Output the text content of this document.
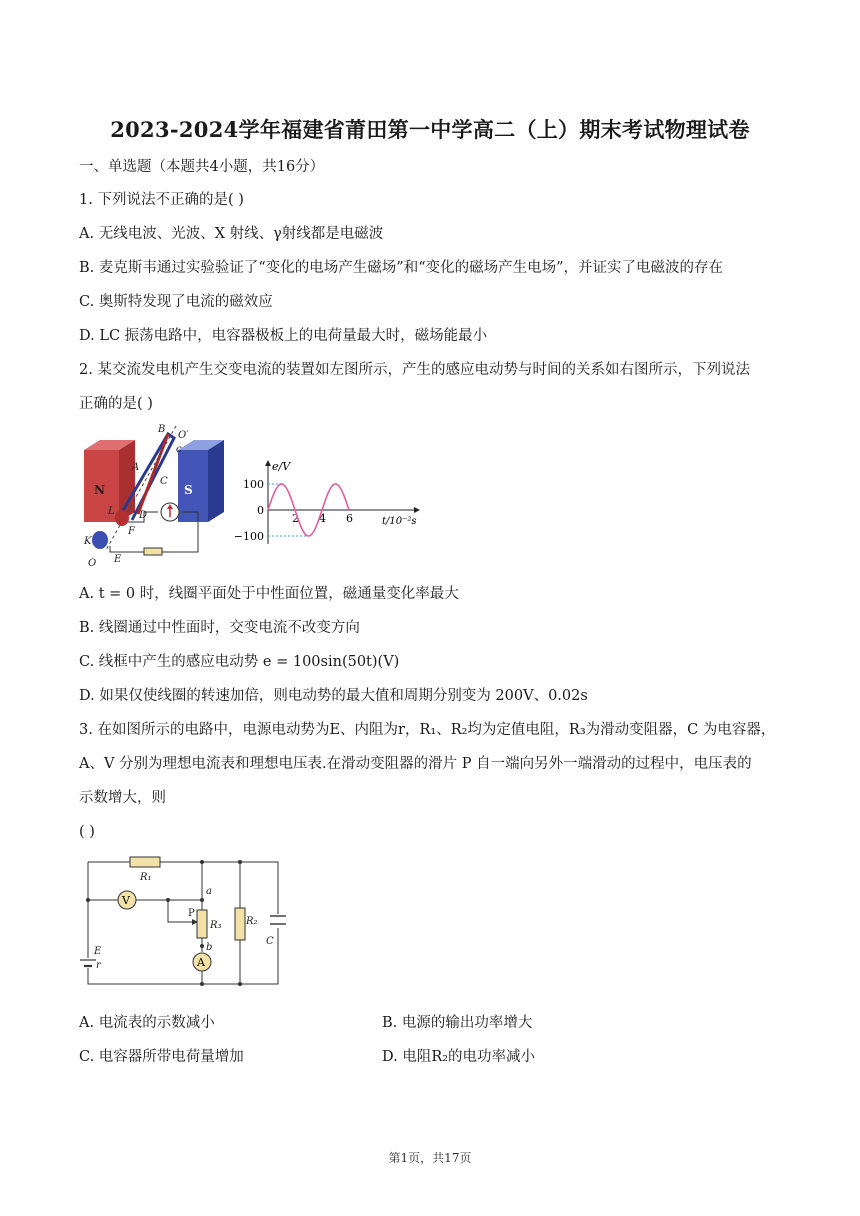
2023-2024学年福建省莆田第一中学高二（上）期末考试物理试卷
一、单选题（本题共4小题，共16分）
1. 下列说法不正确的是( )
A. 无线电波、光波、X 射线、γ射线都是电磁波
B. 麦克斯韦通过实验验证了“变化的电场产生磁场”和“变化的磁场产生电场”，并证实了电磁波的存在
C. 奥斯特发现了电流的磁效应
D. LC 振荡电路中，电容器极板上的电荷量最大时，磁场能最小
2. 某交流发电机产生交变电流的装置如左图所示，产生的感应电动势与时间的关系如右图所示，下列说法
正确的是( )
N	S
B
O′
c
A
C
L D
F
K
E
O
e/V
t/10⁻²s
2 4 6
100
0
−100
A. t = 0 时，线圈平面处于中性面位置，磁通量变化率最大
B. 线圈通过中性面时，交变电流不改变方向
C. 线框中产生的感应电动势 e = 100sin(50t)(V)
D. 如果仅使线圈的转速加倍，则电动势的最大值和周期分别变为 200V、0.02s
3. 在如图所示的电路中，电源电动势为E、内阻为r，R₁、R₂均为定值电阻，R₃为滑动变阻器，C 为电容器，
A、V 分别为理想电流表和理想电压表.在滑动变阻器的滑片 P 自一端向另外一端滑动的过程中，电压表的
示数增大，则
( )
V
A
R₁
a
P
R₃ R₂
C
E
r
b
A. 电流表的示数减小	B. 电源的输出功率增大
C. 电容器所带电荷量增加	D. 电阻R₂的电功率减小
第1页，共17页
